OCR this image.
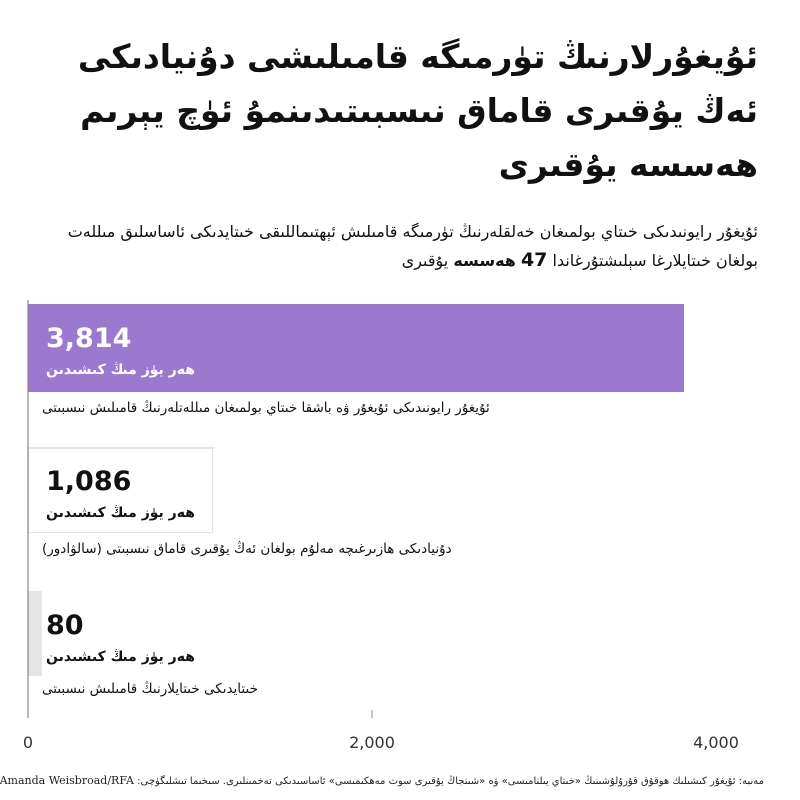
ئۇيغۇرلارنىڭ تۈرمىگە قامىلىشى دۇنيادىكى ئەڭ يۇقىرى قاماق نىسبىتىدىنمۇ ئۈچ يېرىم ھەسسە يۇقىرى

ئۇيغۇر رايونىدىكى خىتاي بولمىغان خەلقلەرنىڭ تۈرمىگە قامىلىش ئېھتىماللىقى خىتايدىكى ئاساسلىق مىللەت بولغان خىتايلارغا سېلىشتۇرغاندا 47 ھەسسە يۇقىرى

3,814
ھەر يۈز مىڭ كىشىدىن
ئۇيغۇر رايونىدىكى ئۇيغۇر ۋە باشقا خىتاي بولمىغان مىللەتلەرنىڭ قامىلىش نىسبىتى
1,086
ھەر يۈز مىڭ كىشىدىن
دۇنيادىكى ھازىرغىچە مەلۇم بولغان ئەڭ يۇقىرى قاماق نىسبىتى (سالۋادور)
80
ھەر يۈز مىڭ كىشىدىن
خىتايدىكى خىتايلارنىڭ قامىلىش نىسبىتى
0	2,000	4,000

مەنبە: ئۇيغۇر كىشىلىك ھوقۇق قۇرۇلۇشىنىڭ «خىتاي يىلنامىسى» ۋە «شىنجاڭ يۇقىرى سوت مەھكىمىسى» ئاساسىدىكى تەخمىنلىرى. سىخىما تىشلىگۈچى: Amanda Weisbroad/RFA
